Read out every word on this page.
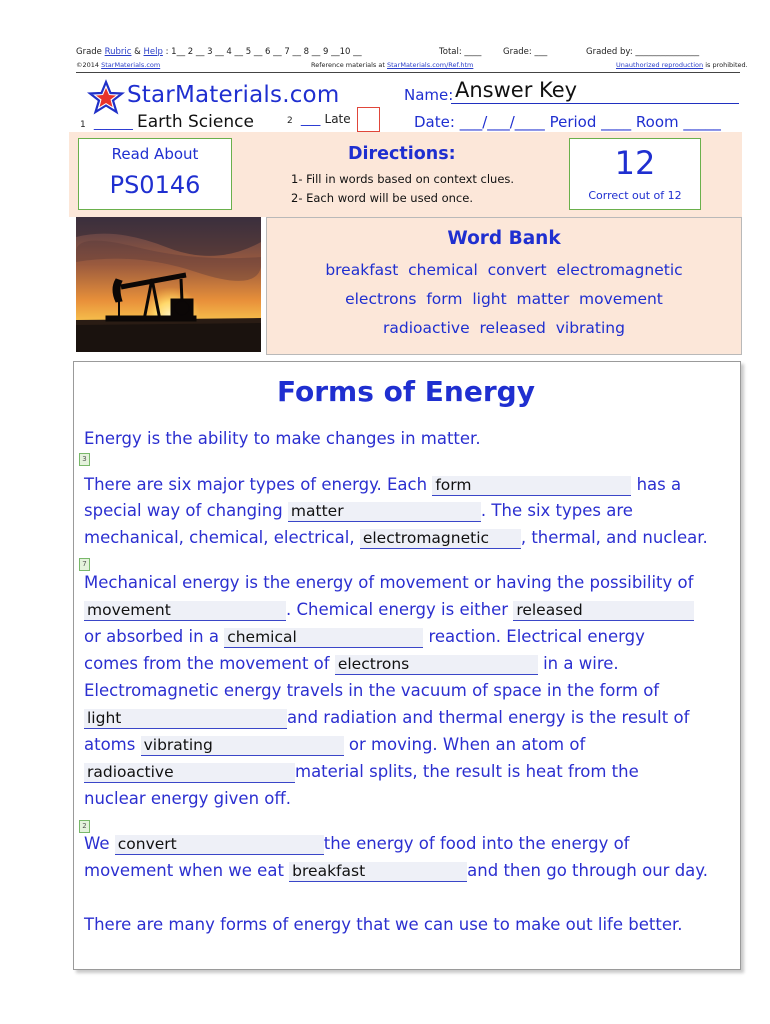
Grade Rubric & Help : 1__ 2 __ 3 __ 4 __ 5 __ 6 __ 7 __ 8 __ 9 __10 __	Total: ____	Grade: ___	Graded by: _______________
©2014 StarMaterials.com	Reference materials at StarMaterials.com/Ref.htm	Unauthorized reproduction is prohibited.
StarMaterials.com	Name: Answer Key
1 ______ Earth Science	2 ___ Late	Date: ___/___/____ Period ____ Room _____
Read About
PS0146
Directions:
1- Fill in words based on context clues.
2- Each word will be used once.
12
Correct out of 12
Word Bank
breakfast  chemical  convert  electromagnetic
electrons  form  light  matter  movement
radioactive  released  vibrating
Forms of Energy
Energy is the ability to make changes in matter.
3
There are six major types of energy. Each form	has a
special way of changing matter	. The six types are
mechanical, chemical, electrical, electromagnetic , thermal, and nuclear.
7
Mechanical energy is the energy of movement or having the possibility of
movement	. Chemical energy is either released
or absorbed in a chemical	reaction. Electrical energy
comes from the movement of electrons	in a wire.
Electromagnetic energy travels in the vacuum of space in the form of
light	and radiation and thermal energy is the result of
atoms vibrating	or moving. When an atom of
radioactive	material splits, the result is heat from the
nuclear energy given off.
2
We convert	the energy of food into the energy of
movement when we eat breakfast	and then go through our day.
There are many forms of energy that we can use to make out life better.
